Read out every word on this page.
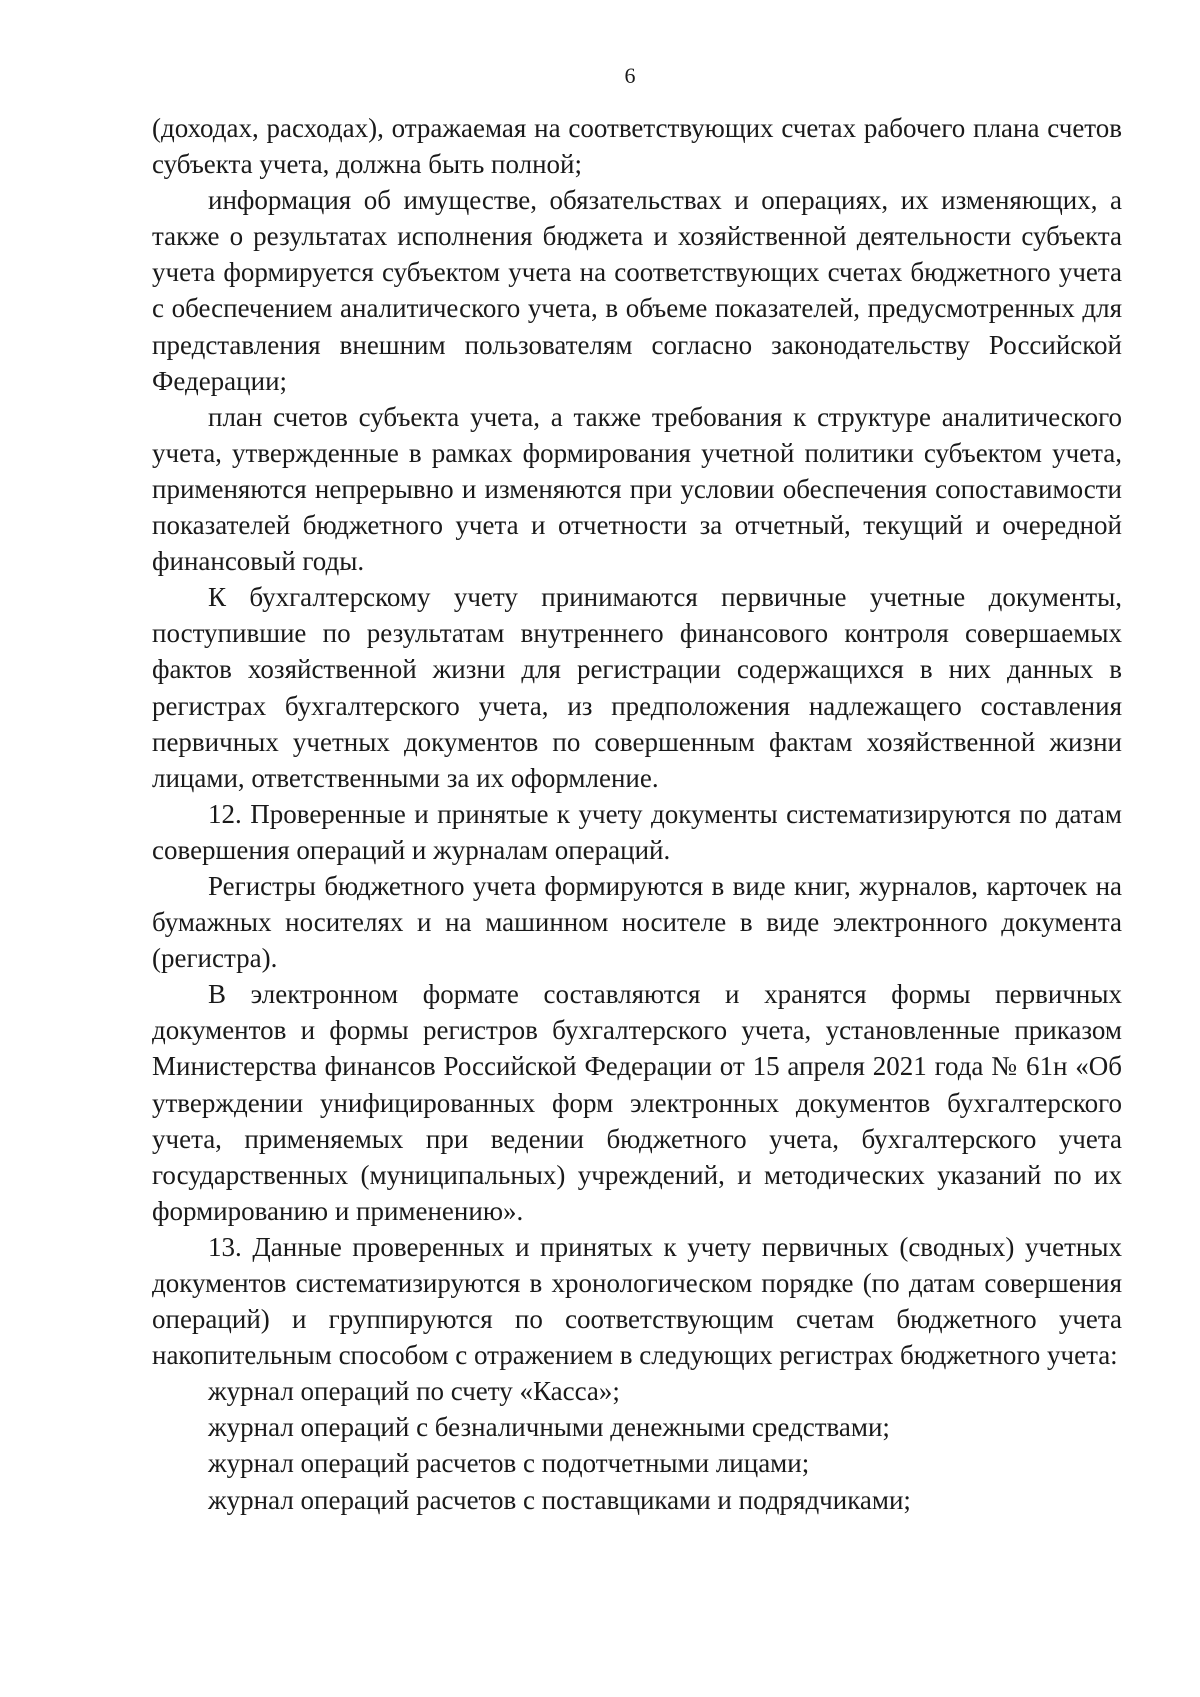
6

(доходах, расходах), отражаемая на соответствующих счетах рабочего плана счетов субъекта учета, должна быть полной;

информация об имуществе, обязательствах и операциях, их изменяющих, а также о результатах исполнения бюджета и хозяйственной деятельности субъекта учета формируется субъектом учета на соответствующих счетах бюджетного учета с обеспечением аналитического учета, в объеме показателей, предусмотренных для представления внешним пользователям согласно законодательству Российской Федерации;

план счетов субъекта учета, а также требования к структуре аналитического учета, утвержденные в рамках формирования учетной политики субъектом учета, применяются непрерывно и изменяются при условии обеспечения сопоставимости показателей бюджетного учета и отчетности за отчетный, текущий и очередной финансовый годы.

К бухгалтерскому учету принимаются первичные учетные документы, поступившие по результатам внутреннего финансового контроля совершаемых фактов хозяйственной жизни для регистрации содержащихся в них данных в регистрах бухгалтерского учета, из предположения надлежащего составления первичных учетных документов по совершенным фактам хозяйственной жизни лицами, ответственными за их оформление.

12. Проверенные и принятые к учету документы систематизируются по датам совершения операций и журналам операций.

Регистры бюджетного учета формируются в виде книг, журналов, карточек на бумажных носителях и на машинном носителе в виде электронного документа (регистра).

В электронном формате составляются и хранятся формы первичных документов и формы регистров бухгалтерского учета, установленные приказом Министерства финансов Российской Федерации от 15 апреля 2021 года № 61н «Об утверждении унифицированных форм электронных документов бухгалтерского учета, применяемых при ведении бюджетного учета, бухгалтерского учета государственных (муниципальных) учреждений, и методических указаний по их формированию и применению».

13. Данные проверенных и принятых к учету первичных (сводных) учетных документов систематизируются в хронологическом порядке (по датам совершения операций) и группируются по соответствующим счетам бюджетного учета накопительным способом с отражением в следующих регистрах бюджетного учета:

журнал операций по счету «Касса»;

журнал операций с безналичными денежными средствами;

журнал операций расчетов с подотчетными лицами;

журнал операций расчетов с поставщиками и подрядчиками;
